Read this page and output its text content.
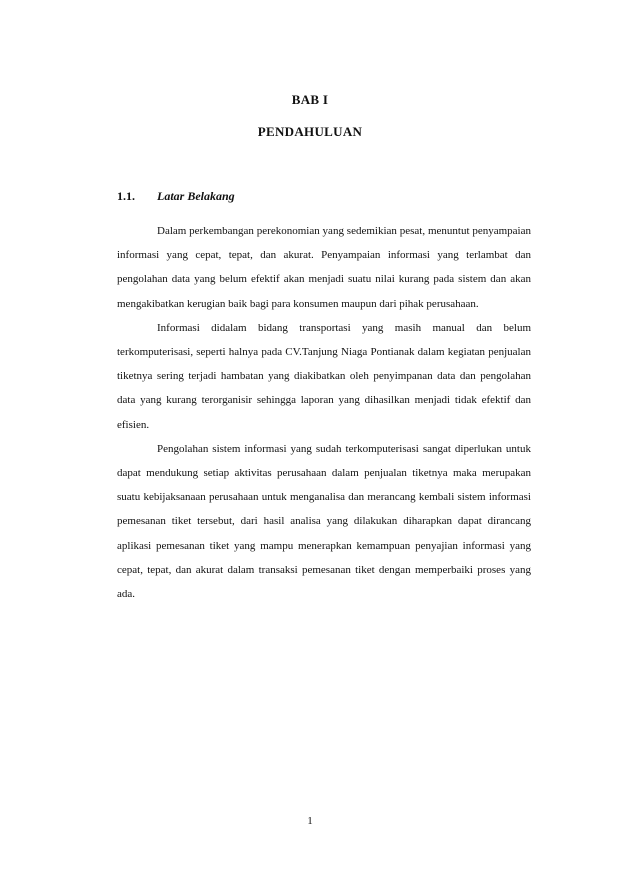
BAB I
PENDAHULUAN
1.1. Latar Belakang

Dalam perkembangan perekonomian yang sedemikian pesat, menuntut penyampaian informasi yang cepat, tepat, dan akurat. Penyampaian informasi yang terlambat dan pengolahan data yang belum efektif akan menjadi suatu nilai kurang pada sistem dan akan mengakibatkan kerugian baik bagi para konsumen maupun dari pihak perusahaan.

Informasi didalam bidang transportasi yang masih manual dan belum terkomputerisasi, seperti halnya pada CV.Tanjung Niaga Pontianak dalam kegiatan penjualan tiketnya sering terjadi hambatan yang diakibatkan oleh penyimpanan data dan pengolahan data yang kurang terorganisir sehingga laporan yang dihasilkan menjadi tidak efektif dan efisien.

Pengolahan sistem informasi yang sudah terkomputerisasi sangat diperlukan untuk dapat mendukung setiap aktivitas perusahaan dalam penjualan tiketnya maka merupakan suatu kebijaksanaan perusahaan untuk menganalisa dan merancang kembali sistem informasi pemesanan tiket tersebut, dari hasil analisa yang dilakukan diharapkan dapat dirancang aplikasi pemesanan tiket yang mampu menerapkan kemampuan penyajian informasi yang cepat, tepat, dan akurat dalam transaksi pemesanan tiket dengan memperbaiki proses yang ada.

1
